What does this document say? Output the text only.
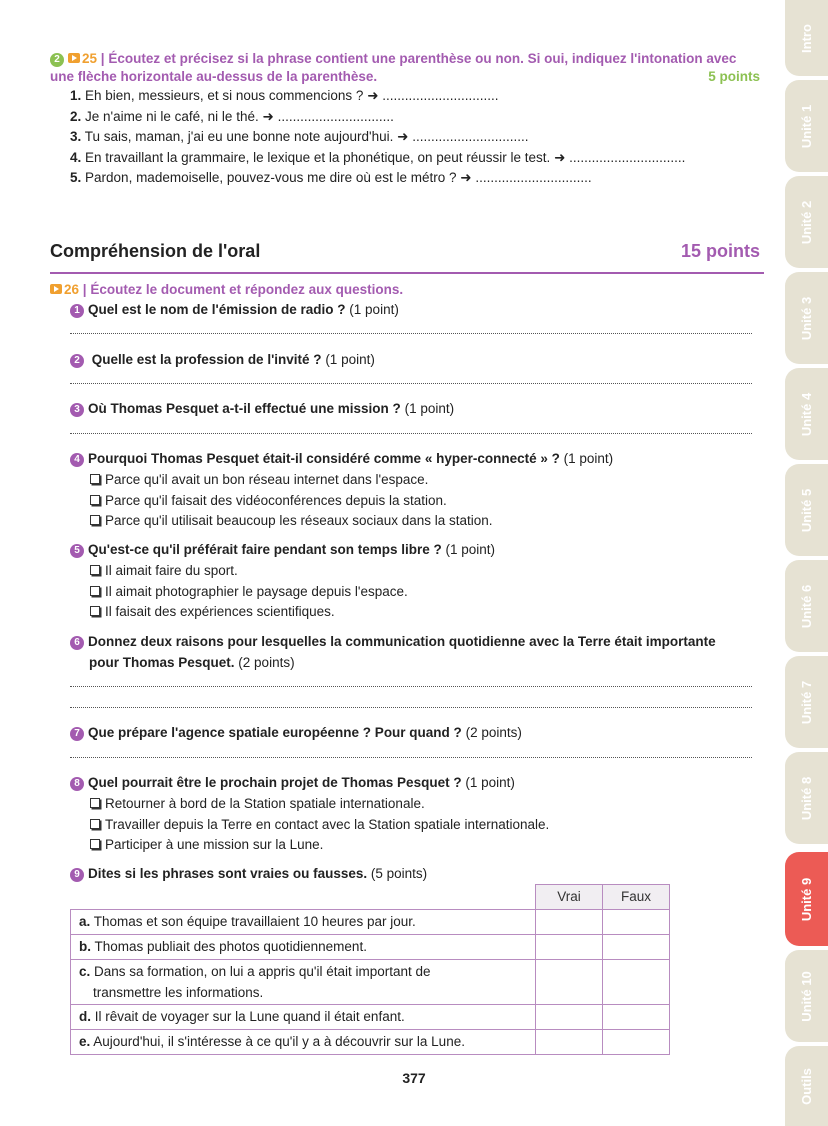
2 25 | Écoutez et précisez si la phrase contient une parenthèse ou non. Si oui, indiquez l'intonation avec une flèche horizontale au-dessus de la parenthèse.	5 points
1. Eh bien, messieurs, et si nous commencions ? ➜ ...............................
2. Je n'aime ni le café, ni le thé. ➜ ...............................
3. Tu sais, maman, j'ai eu une bonne note aujourd'hui. ➜ ...............................
4. En travaillant la grammaire, le lexique et la phonétique, on peut réussir le test. ➜ ...............................
5. Pardon, mademoiselle, pouvez-vous me dire où est le métro ? ➜ ...............................
Compréhension de l'oral	15 points
26 | Écoutez le document et répondez aux questions.
1 Quel est le nom de l'émission de radio ? (1 point)
2 Quelle est la profession de l'invité ? (1 point)
3 Où Thomas Pesquet a-t-il effectué une mission ? (1 point)
4 Pourquoi Thomas Pesquet était-il considéré comme « hyper-connecté » ? (1 point)
Parce qu'il avait un bon réseau internet dans l'espace.
Parce qu'il faisait des vidéoconférences depuis la station.
Parce qu'il utilisait beaucoup les réseaux sociaux dans la station.
5 Qu'est-ce qu'il préférait faire pendant son temps libre ? (1 point)
Il aimait faire du sport.
Il aimait photographier le paysage depuis l'espace.
Il faisait des expériences scientifiques.
6 Donnez deux raisons pour lesquelles la communication quotidienne avec la Terre était importante
pour Thomas Pesquet. (2 points)
7 Que prépare l'agence spatiale européenne ? Pour quand ? (2 points)
8 Quel pourrait être le prochain projet de Thomas Pesquet ? (1 point)
Retourner à bord de la Station spatiale internationale.
Travailler depuis la Terre en contact avec la Station spatiale internationale.
Participer à une mission sur la Lune.
9 Dites si les phrases sont vraies ou fausses. (5 points)
	Vrai	Faux
a. Thomas et son équipe travaillaient 10 heures par jour.		
b. Thomas publiait des photos quotidiennement.		

c. Dans sa formation, on lui a appris qu'il était important de
transmettre les informations.		

d. Il rêvait de voyager sur la Lune quand il était enfant.		
e. Aujourd'hui, il s'intéresse à ce qu'il y a à découvrir sur la Lune.		
377
Intro
Unité 1
Unité 2
Unité 3
Unité 4
Unité 5
Unité 6
Unité 7
Unité 8
Unité 9
Unité 10
Outils
